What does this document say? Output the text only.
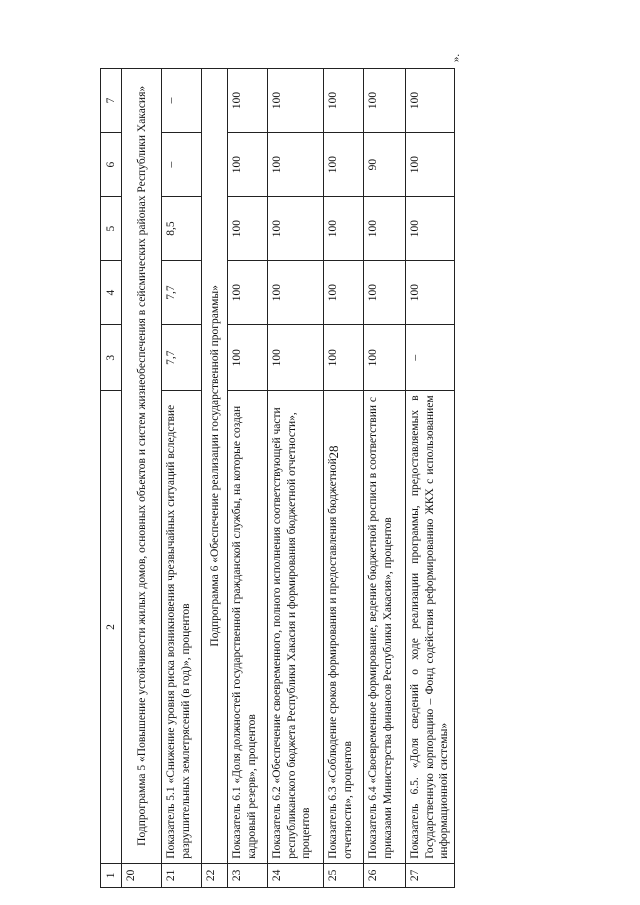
28
».
1	2	3	4	5	6	7
20	Подпрограмма 5 «Повышение устойчивости жилых домов, основных объектов и систем жизнеобеспечения в сейсмических районах Республики Хакасия»					
21	Показатель 5.1 «Снижение уровня риска возникновения чрезвычайных ситуаций вследствие разрушительных землетрясений (в год)», процентов	7,7	7,7	8,5	–	–
22	Подпрограмма 6 «Обеспечение реализации государственной программы»					
23	Показатель 6.1 «Доля должностей государственной гражданской службы, на которые создан кадровый резерв», процентов	100	100	100	100	100
24	Показатель 6.2 «Обеспечение своевременного, полного исполнения соответствующей части республиканского бюджета Республики Хакасия и формирования бюджетной отчетности», процентов	100	100	100	100	100
25	Показатель 6.3 «Соблюдение сроков формирования и предоставления бюджетной отчетности», процентов	100	100	100	100	100
26	Показатель 6.4 «Своевременное формирование, ведение бюджетной росписи в соответствии с приказами Министерства финансов Республики Хакасия», процентов	100	100	100	90	100
27	Показатель 6.5. «Доля сведений о ходе реализации программы, предоставляемых в Государственную корпорацию – Фонд содействия реформированию ЖКХ с использованием информационной системы»	–	100	100	100	100
